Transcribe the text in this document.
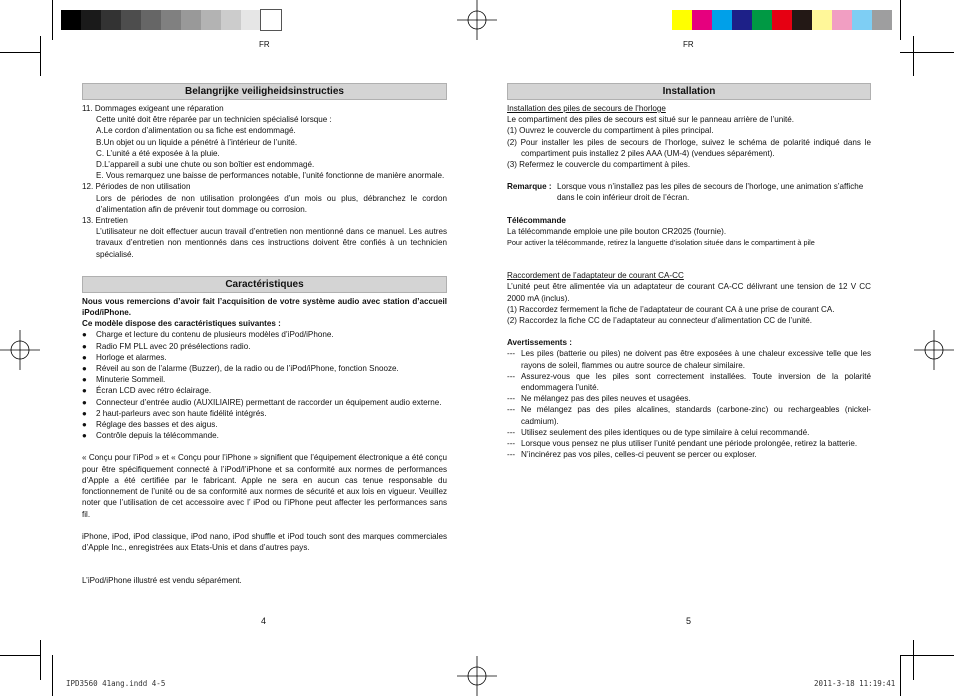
FR	FR
Belangrijke veiligheidsinstructies

11. Dommages exigeant une réparation

Cette unité doit être réparée par un technicien spécialisé lorsque :

A.Le cordon d’alimentation ou sa fiche est endommagé.

B.Un objet ou un liquide a pénétré à l’intérieur de l’unité.

C. L’unité a été exposée à la pluie.

D.L’appareil a subi une chute ou son boîtier est endommagé.

E. Vous remarquez une baisse de performances notable, l’unité fonctionne de manière anormale.

12. Périodes de non utilisation

Lors de périodes de non utilisation prolongées d’un mois ou plus, débranchez le cordon d’alimentation afin de prévenir tout dommage ou corrosion.

13. Entretien

L’utilisateur ne doit effectuer aucun travail d’entretien non mentionné dans ce manuel. Les autres travaux d’entretien non mentionnés dans ces instructions doivent être confiés à un technicien spécialisé.

Caractéristiques

Nous vous remercions d’avoir fait l’acquisition de votre système audio avec station d’accueil iPod/iPhone.

Ce modèle dispose des caractéristiques suivantes :

●	Charge et lecture du contenu de plusieurs modèles d’iPod/iPhone.
●	Radio FM PLL avec 20 présélections radio.
●	Horloge et alarmes.
●	Réveil au son de l’alarme (Buzzer), de la radio ou de l’iPod/iPhone, fonction Snooze.
●	Minuterie Sommeil.
●	Écran LCD avec rétro éclairage.
●	Connecteur d’entrée audio (AUXILIAIRE) permettant de raccorder un équipement audio externe.
●	2 haut-parleurs avec son haute fidélité intégrés.
●	Réglage des basses et des aigus.
●	Contrôle depuis la télécommande.

« Conçu pour l’iPod » et « Conçu pour l’iPhone » signifient que l’équipement électronique a été conçu pour être spécifiquement connecté à l’iPod/l’iPhone et sa conformité aux normes de performances d’Apple a été certifiée par le fabricant. Apple ne sera en aucun cas tenue responsable du fonctionnement de l’unité ou de sa conformité aux normes de sécurité et aux lois en vigueur. Veuillez noter que l’utilisation de cet accessoire avec l’ iPod ou l’iPhone peut affecter les performances sans fil.

iPhone, iPod, iPod classique, iPod nano, iPod shuffle et iPod touch sont des marques commerciales d’Apple Inc., enregistrées aux Etats-Unis et dans d’autres pays.

L’iPod/iPhone illustré est vendu séparément.

Installation

Installation des piles de secours de l’horloge

Le compartiment des piles de secours est situé sur le panneau arrière de l’unité.

(1) Ouvrez le couvercle du compartiment à piles principal.

(2) Pour installer les piles de secours de l’horloge, suivez le schéma de polarité indiqué dans le compartiment puis installez 2 piles AAA (UM-4) (vendues séparément).

(3) Refermez le couvercle du compartiment à piles.

Remarque : Lorsque vous n’installez pas les piles de secours de l’horloge, une animation s’affiche dans le coin inférieur droit de l’écran.

Télécommande

La télécommande emploie une pile bouton CR2025 (fournie).

Pour activer la télécommande, retirez la languette d’isolation située dans le compartiment à pile

Raccordement de l’adaptateur de courant CA-CC

L’unité peut être alimentée via un adaptateur de courant CA-CC délivrant une tension de 12 V CC 2000 mA (inclus).

(1) Raccordez fermement la fiche de l’adaptateur de courant CA à une prise de courant CA.

(2) Raccordez la fiche CC de l’adaptateur au connecteur d’alimentation CC de l’unité.

Avertissements :

--- Les piles (batterie ou piles) ne doivent pas être exposées à une chaleur excessive telle que les rayons de soleil, flammes ou autre source de chaleur similaire.
--- Assurez-vous que les piles sont correctement installées. Toute inversion de la polarité endommagera l’unité.
--- Ne mélangez pas des piles neuves et usagées.
--- Ne mélangez pas des piles alcalines, standards (carbone-zinc) ou rechargeables (nickel-cadmium).
--- Utilisez seulement des piles identiques ou de type similaire à celui recommandé.
--- Lorsque vous pensez ne plus utiliser l’unité pendant une période prolongée, retirez la batterie.
--- N’incinérez pas vos piles, celles-ci peuvent se percer ou exploser.
4	5
IPD3560 41ang.indd 4-5	2011-3-18 11:19:41
